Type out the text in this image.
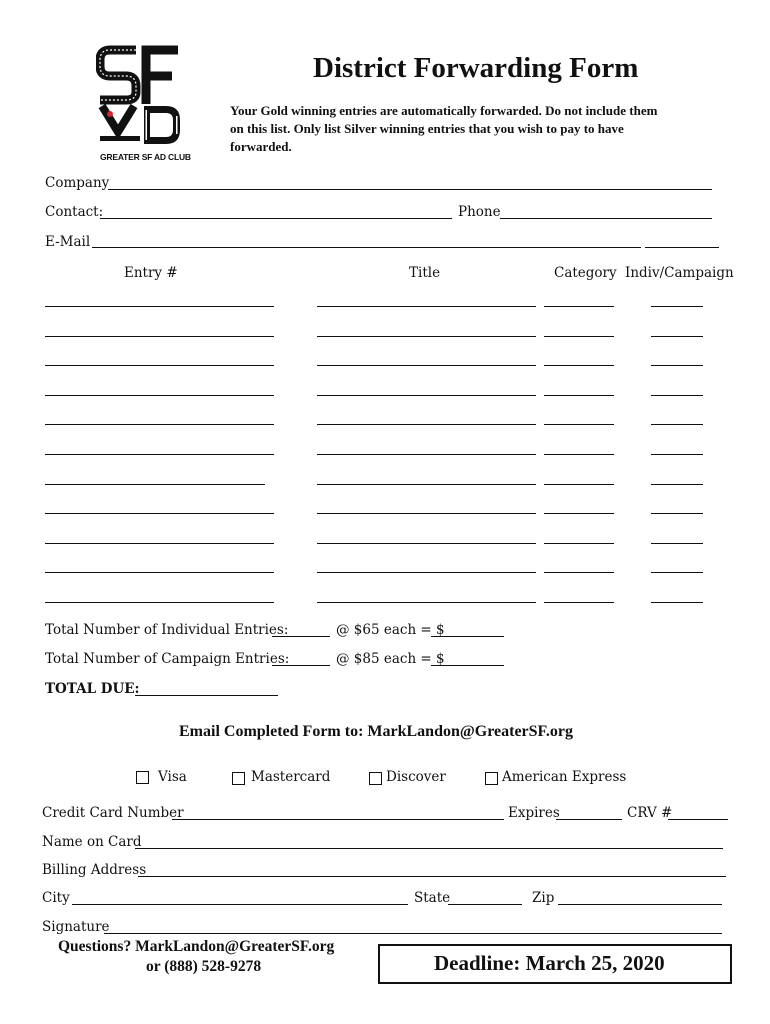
GREATER SF AD CLUB
District Forwarding Form
Your Gold winning entries are automatically forwarded. Do not include them
on this list. Only list Silver winning entries that you wish to pay to have
forwarded.
Company
Contact:	Phone
E-Mail
Entry #	Title	Category Indiv/Campaign
Total Number of Individual Entries:	@ $65 each = $
Total Number of Campaign Entries:	@ $85 each = $
TOTAL DUE:
Email Completed Form to: MarkLandon@GreaterSF.org
Visa	Mastercard	Discover	American Express
Credit Card Number	Expires	CRV #
Name on Card
Billing Address
City	State	Zip
Signature
Questions? MarkLandon@GreaterSF.org
or (888) 528-9278	Deadline: March 25, 2020
